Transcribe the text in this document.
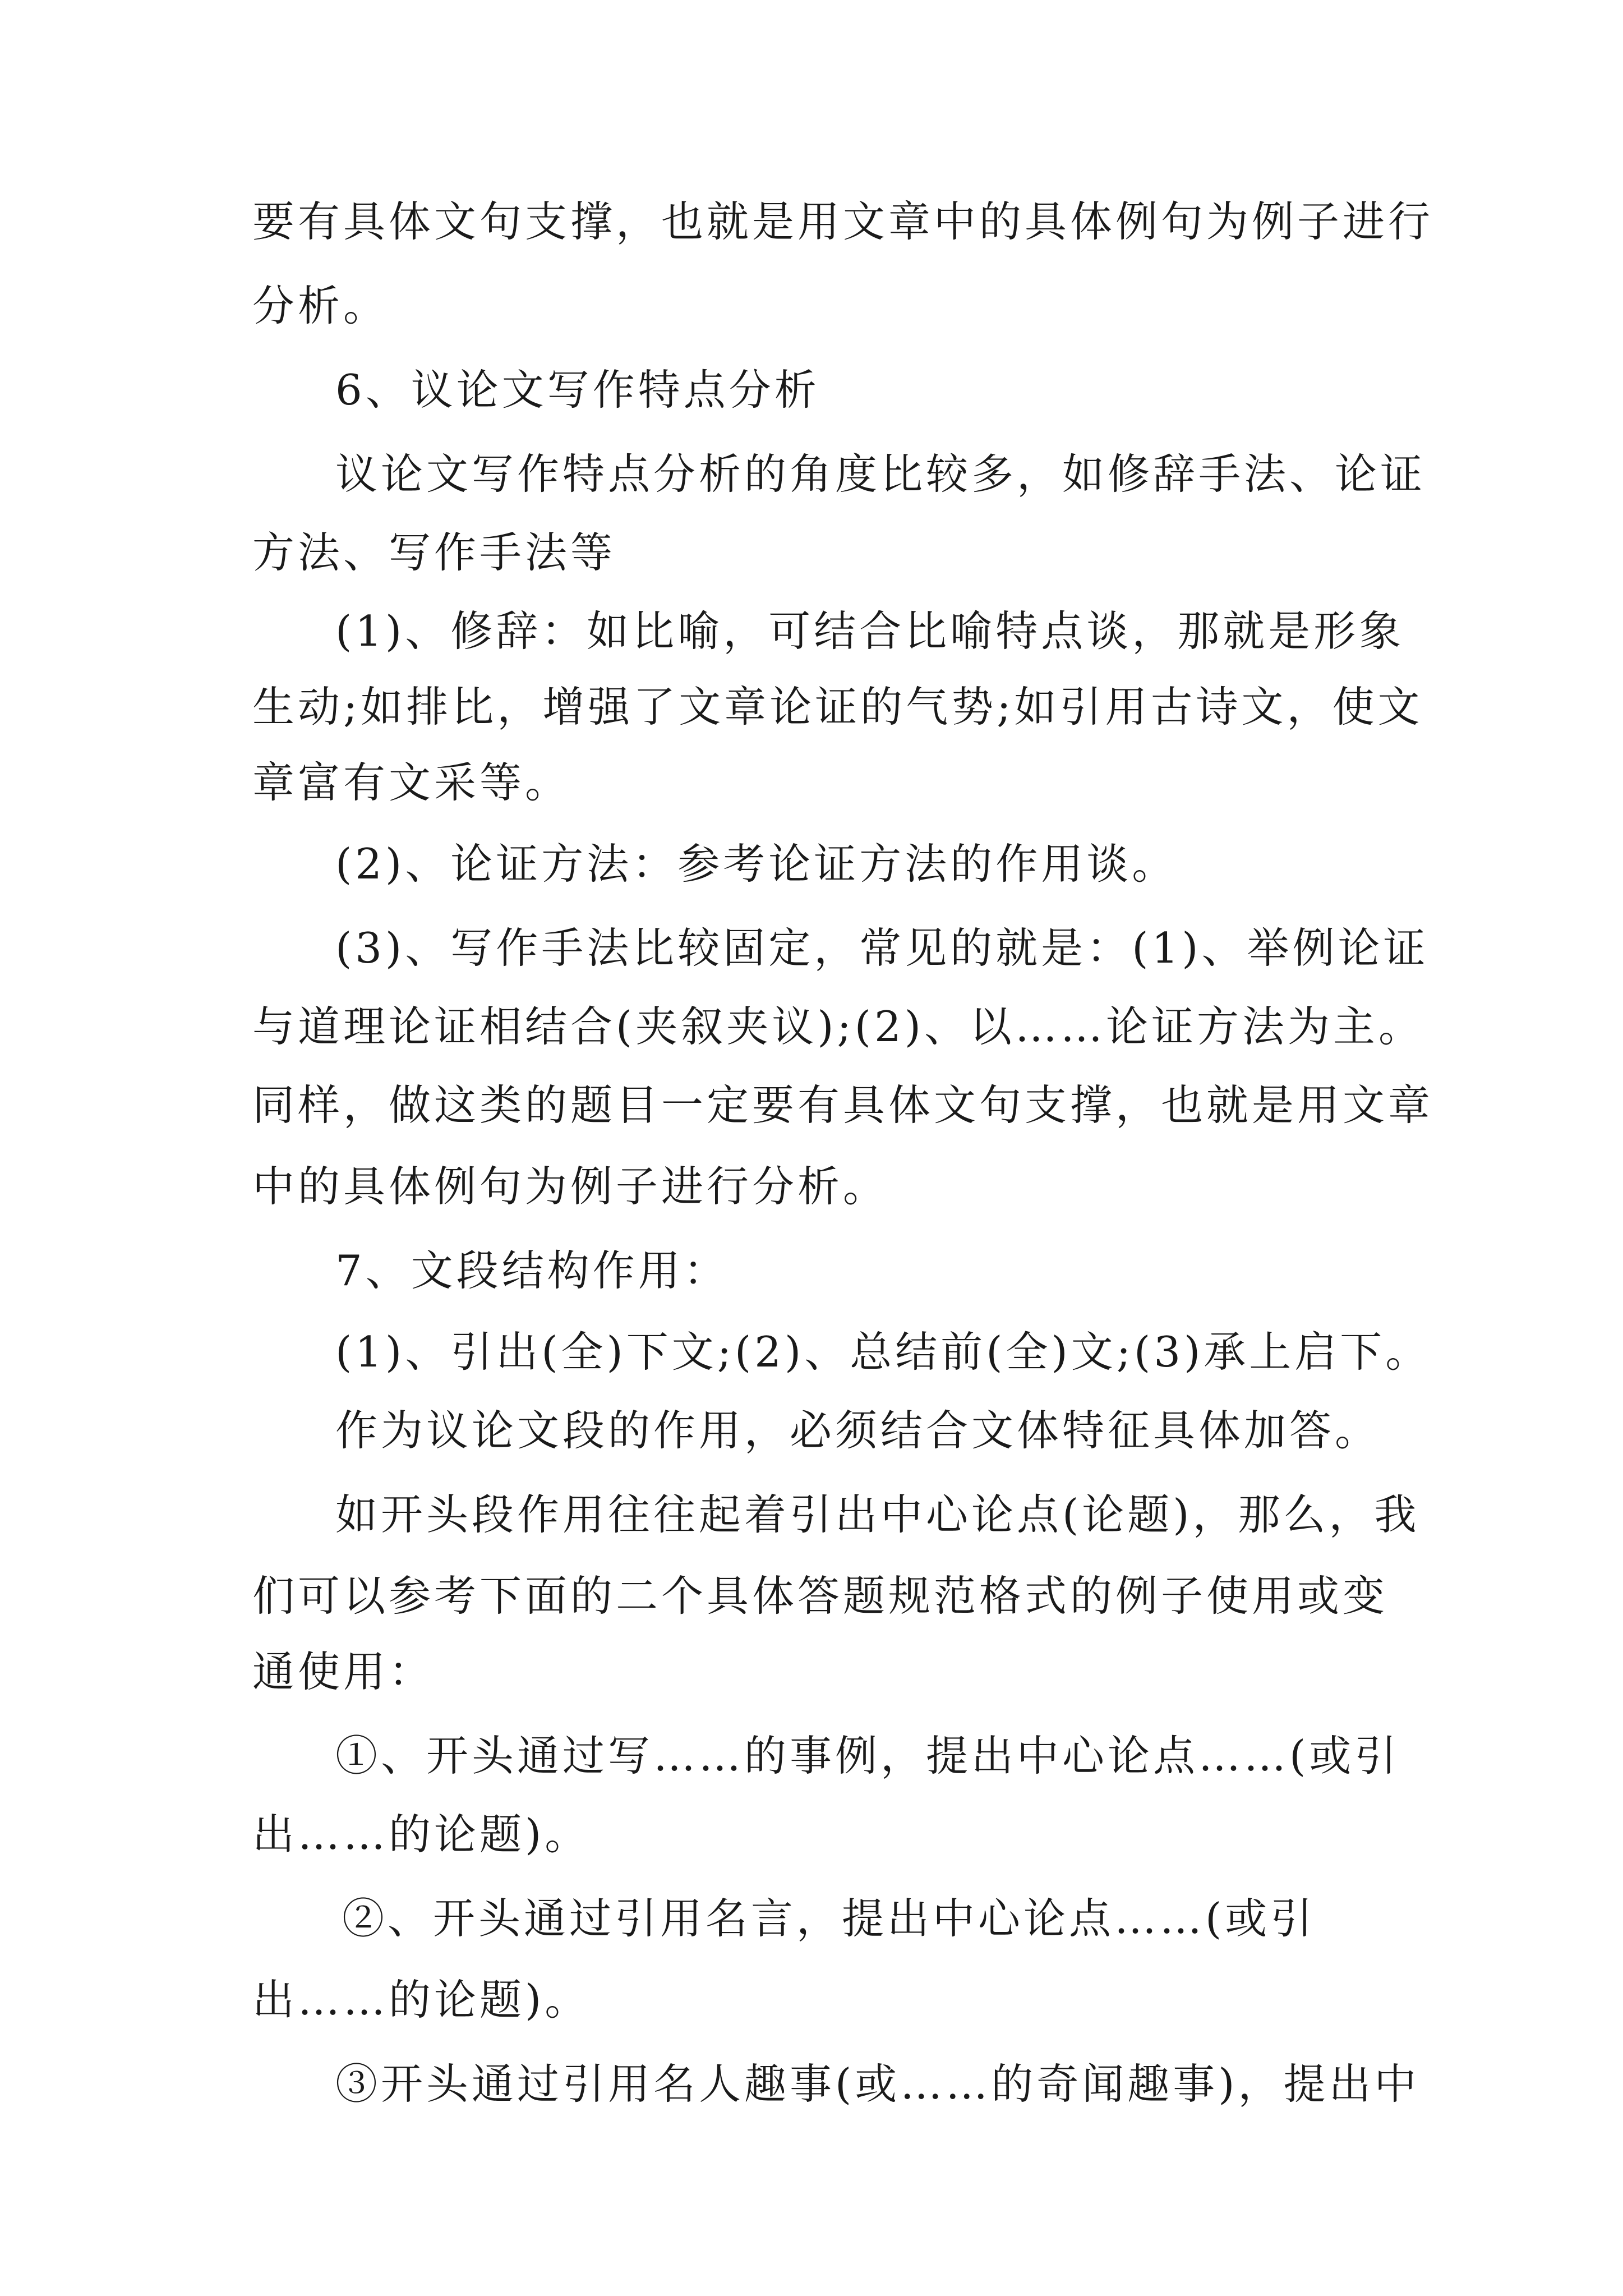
要有具体文句支撑，也就是用文章中的具体例句为例子进行
分析。
6、议论文写作特点分析
议论文写作特点分析的角度比较多，如修辞手法、论证
方法、写作手法等
(1)、修辞：如比喻，可结合比喻特点谈，那就是形象
生动;如排比，增强了文章论证的气势;如引用古诗文，使文
章富有文采等。
(2)、论证方法：参考论证方法的作用谈。
(3)、写作手法比较固定，常见的就是：(1)、举例论证
与道理论证相结合(夹叙夹议);(2)、以……论证方法为主。
同样，做这类的题目一定要有具体文句支撑，也就是用文章
中的具体例句为例子进行分析。
7、文段结构作用：
(1)、引出(全)下文;(2)、总结前(全)文;(3)承上启下。
作为议论文段的作用，必须结合文体特征具体加答。
如开头段作用往往起着引出中心论点(论题)，那么，我
们可以参考下面的二个具体答题规范格式的例子使用或变
通使用：
①、开头通过写……的事例，提出中心论点……(或引
出……的论题)。
②、开头通过引用名言，提出中心论点……(或引
出……的论题)。
③开头通过引用名人趣事(或……的奇闻趣事)，提出中
